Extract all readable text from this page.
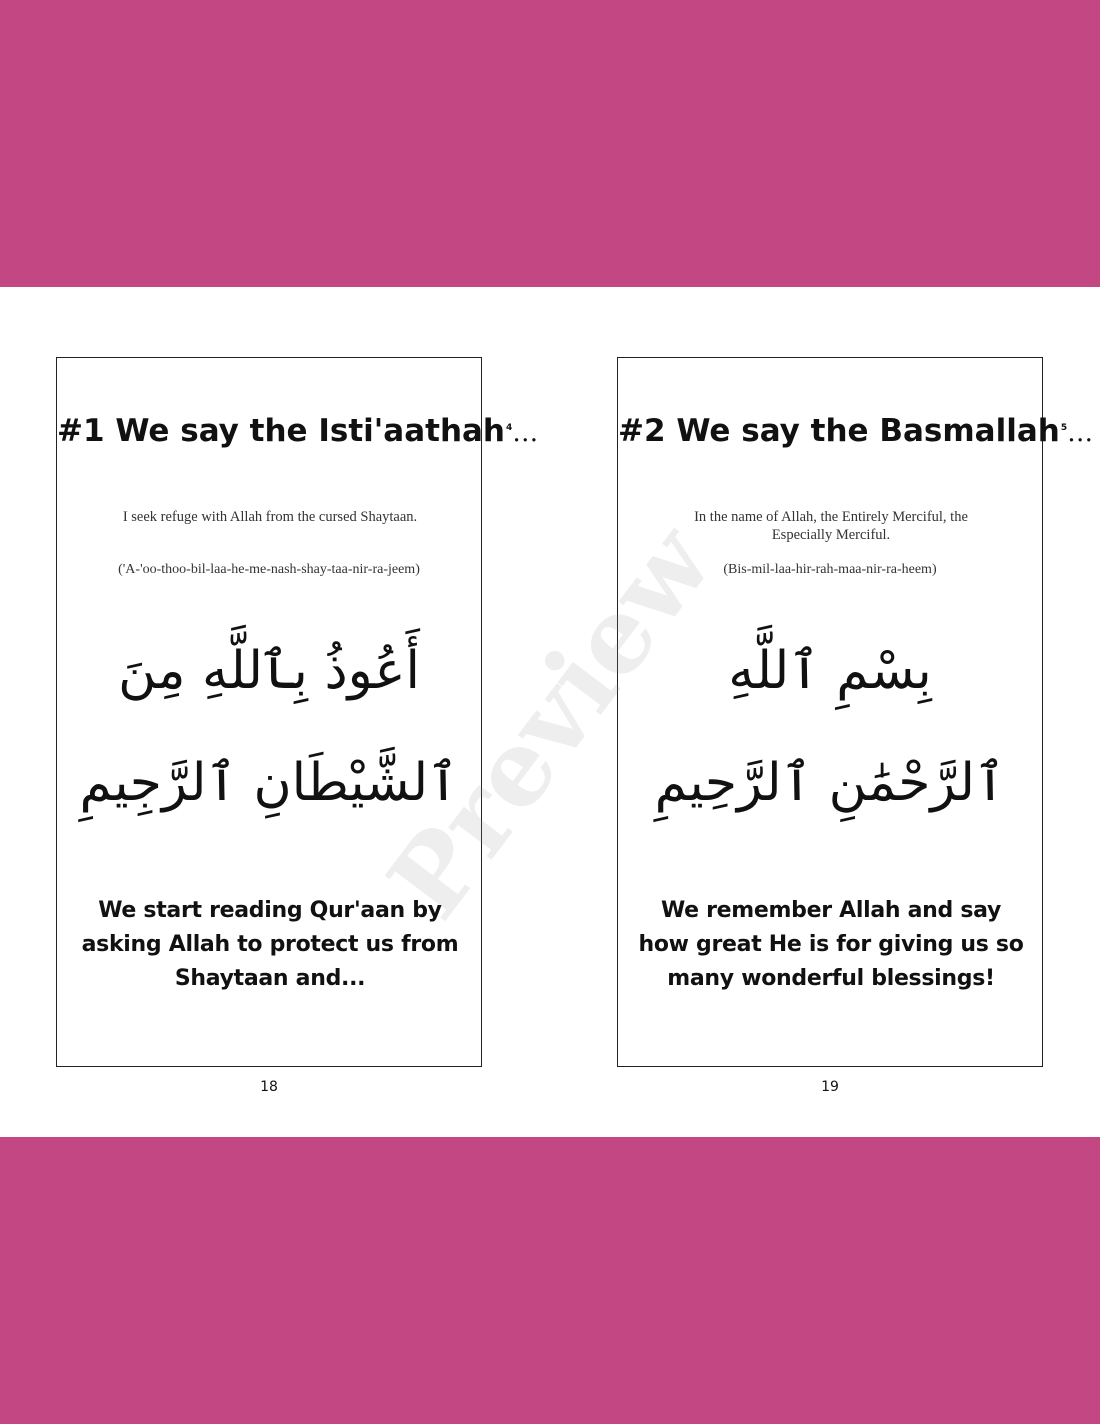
#1 We say the Isti'aathah$^4$…
I seek refuge with Allah from the cursed Shaytaan.
('A-'oo-thoo-bil-laa-he-me-nash-shay-taa-nir-ra-jeem)
أَعُوذُ بِٱللَّهِ مِنَ
ٱلشَّيْطَانِ ٱلرَّجِيمِ
We start reading Qur'aan by asking Allah to protect us from Shaytaan and...
18
#2 We say the Basmallah$^5$…
In the name of Allah, the Entirely Merciful, the Especially Merciful.
(Bis-mil-laa-hir-rah-maa-nir-ra-heem)
بِسْمِ ٱللَّهِ
ٱلرَّحْمَٰنِ ٱلرَّحِيمِ
We remember Allah and say how great He is for giving us so many wonderful blessings!
19
Preview
